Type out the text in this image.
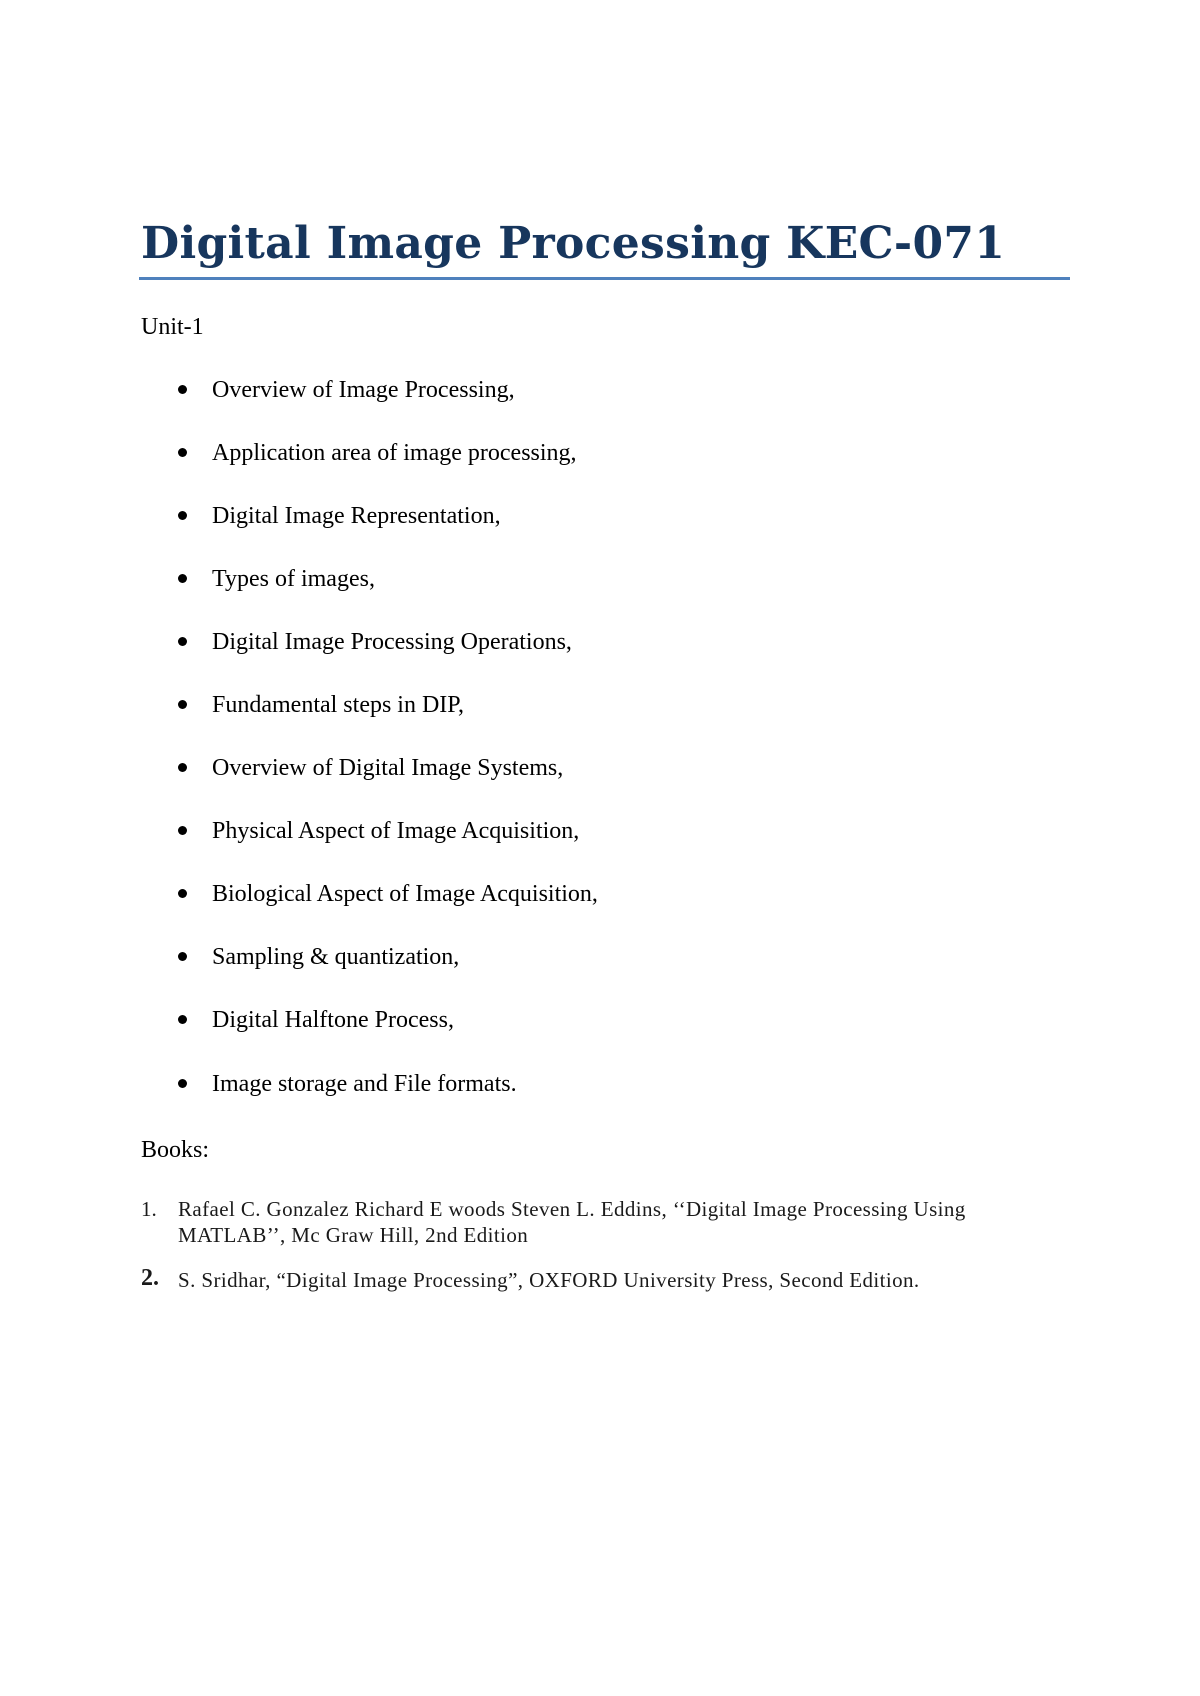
Digital Image Processing KEC-071
Unit-1
Overview of Image Processing,
Application area of image processing,
Digital Image Representation,
Types of images,
Digital Image Processing Operations,
Fundamental steps in DIP,
Overview of Digital Image Systems,
Physical Aspect of Image Acquisition,
Biological Aspect of Image Acquisition,
Sampling & quantization,
Digital Halftone Process,
Image storage and File formats.
Books:
1. Rafael C. Gonzalez Richard E woods Steven L. Eddins, ‘‘Digital Image Processing Using
MATLAB’’, Mc Graw Hill, 2nd Edition
2. S. Sridhar, “Digital Image Processing”, OXFORD University Press, Second Edition.
